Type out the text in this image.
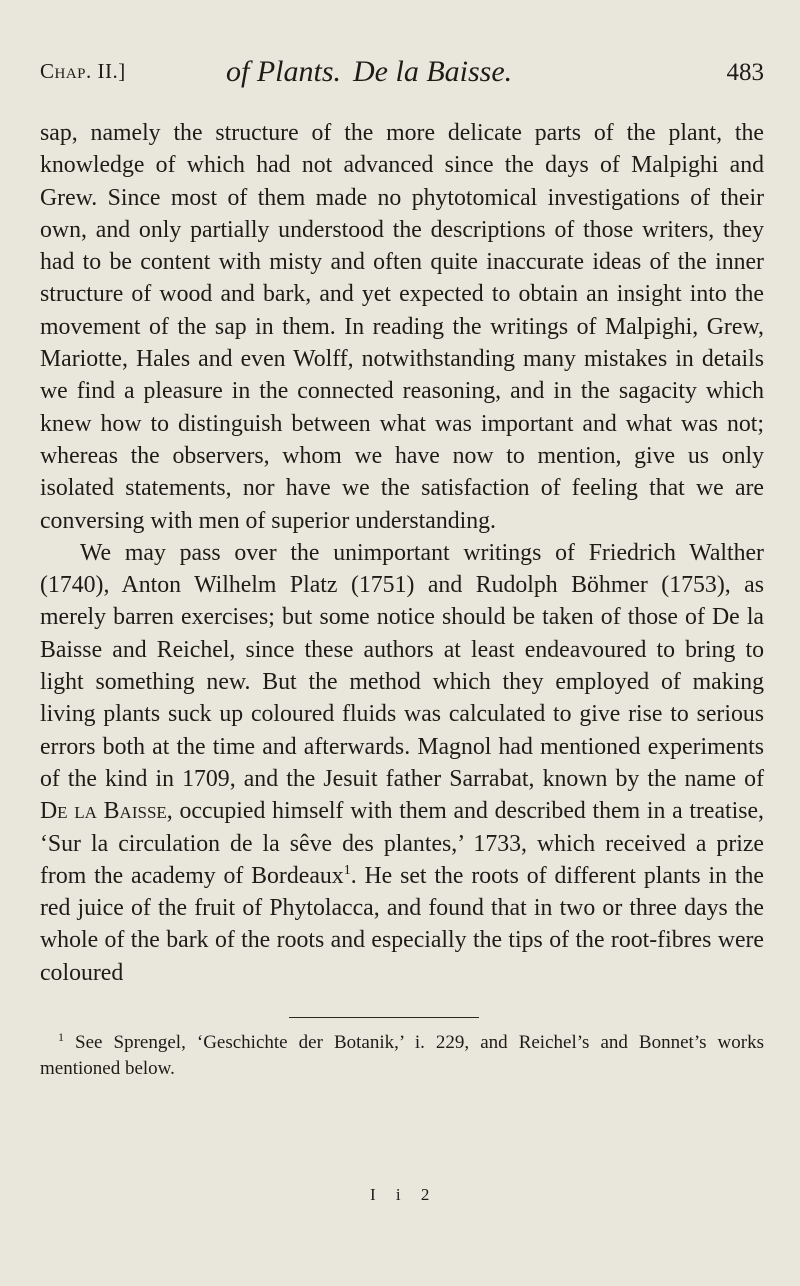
Chap. II.]	of Plants. De la Baisse.	483

sap, namely the structure of the more delicate parts of the plant, the knowledge of which had not advanced since the days of Malpighi and Grew. Since most of them made no phytotomical investigations of their own, and only partially understood the descriptions of those writers, they had to be content with misty and often quite inaccurate ideas of the inner structure of wood and bark, and yet expected to obtain an insight into the movement of the sap in them. In reading the writings of Malpighi, Grew, Mariotte, Hales and even Wolff, notwithstanding many mistakes in details we find a pleasure in the connected reasoning, and in the sagacity which knew how to distinguish between what was important and what was not; whereas the observers, whom we have now to mention, give us only isolated statements, nor have we the satisfaction of feeling that we are conversing with men of superior understanding.

We may pass over the unimportant writings of Friedrich Walther (1740), Anton Wilhelm Platz (1751) and Rudolph Böhmer (1753), as merely barren exercises; but some notice should be taken of those of De la Baisse and Reichel, since these authors at least endeavoured to bring to light something new. But the method which they employed of making living plants suck up coloured fluids was calculated to give rise to serious errors both at the time and afterwards. Magnol had mentioned experiments of the kind in 1709, and the Jesuit father Sarrabat, known by the name of De la Baisse, occupied himself with them and described them in a treatise, ‘Sur la circulation de la sêve des plantes,’ 1733, which received a prize from the academy of Bordeaux$^1$. He set the roots of different plants in the red juice of the fruit of Phytolacca, and found that in two or three days the whole of the bark of the roots and especially the tips of the root-fibres were coloured

$^1$ See Sprengel, ‘Geschichte der Botanik,’ i. 229, and Reichel’s and Bonnet’s works mentioned below.
I i 2
